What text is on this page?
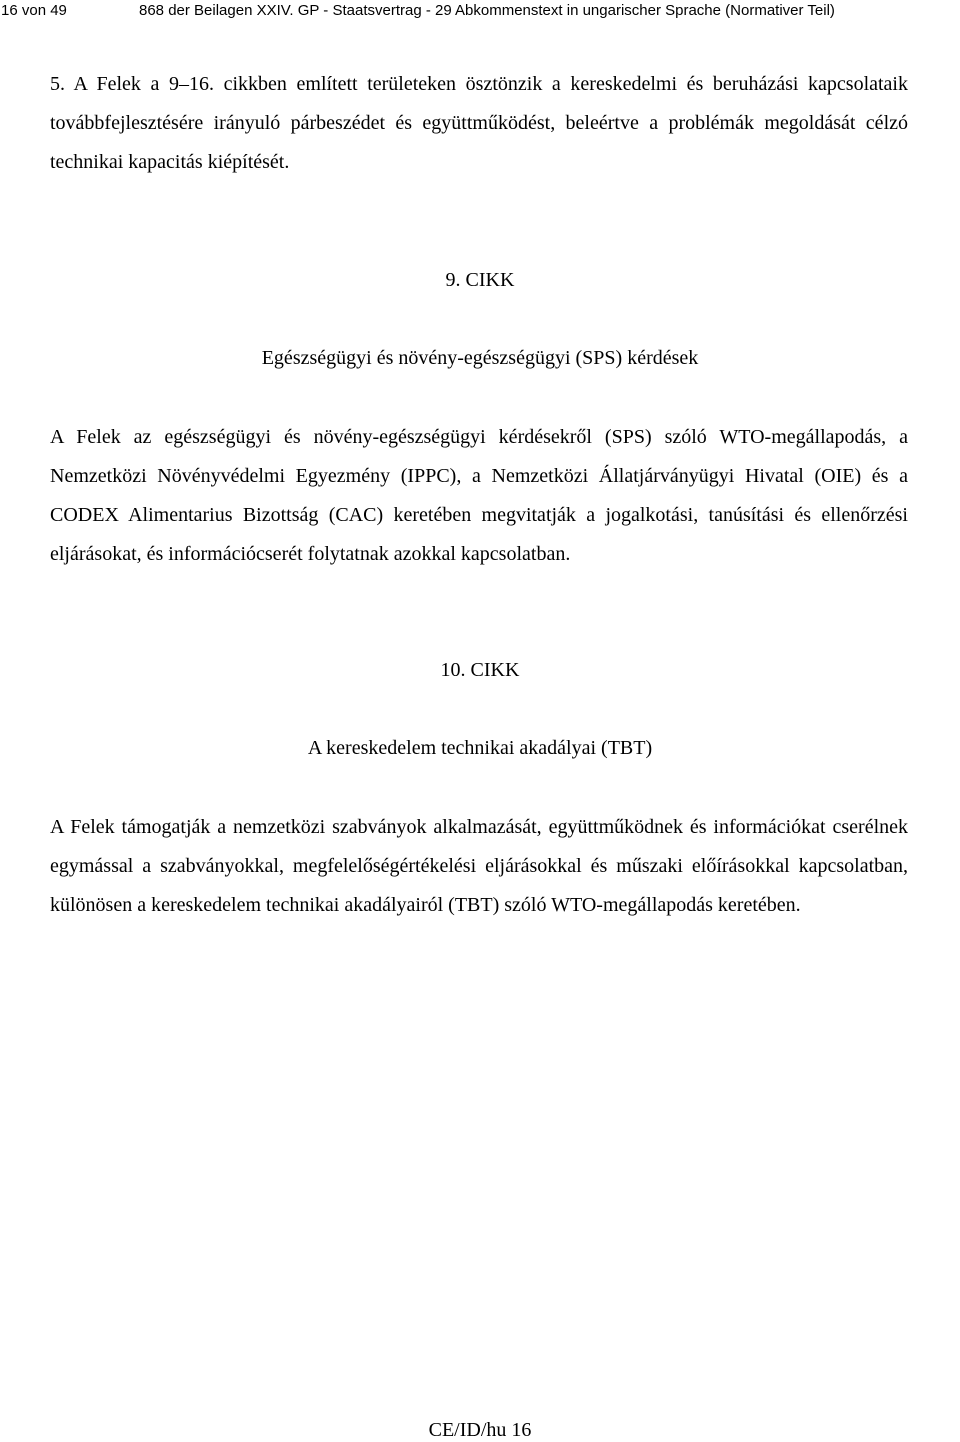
16 von 49	868 der Beilagen XXIV. GP - Staatsvertrag - 29 Abkommenstext in ungarischer Sprache (Normativer Teil)

5. A Felek a 9–16. cikkben említett területeken ösztönzik a kereskedelmi és beruházási kapcsolataik továbbfejlesztésére irányuló párbeszédet és együttműködést, beleértve a problémák megoldását célzó technikai kapacitás kiépítését.

9. CIKK
Egészségügyi és növény-egészségügyi (SPS) kérdések

A Felek az egészségügyi és növény-egészségügyi kérdésekről (SPS) szóló WTO-megállapodás, a Nemzetközi Növényvédelmi Egyezmény (IPPC), a Nemzetközi Állatjárványügyi Hivatal (OIE) és a CODEX Alimentarius Bizottság (CAC) keretében megvitatják a jogalkotási, tanúsítási és ellenőrzési eljárásokat, és információcserét folytatnak azokkal kapcsolatban.

10. CIKK
A kereskedelem technikai akadályai (TBT)

A Felek támogatják a nemzetközi szabványok alkalmazását, együttműködnek és információkat cserélnek egymással a szabványokkal, megfelelőségértékelési eljárásokkal és műszaki előírásokkal kapcsolatban, különösen a kereskedelem technikai akadályairól (TBT) szóló WTO-megállapodás keretében.

CE/ID/hu 16
